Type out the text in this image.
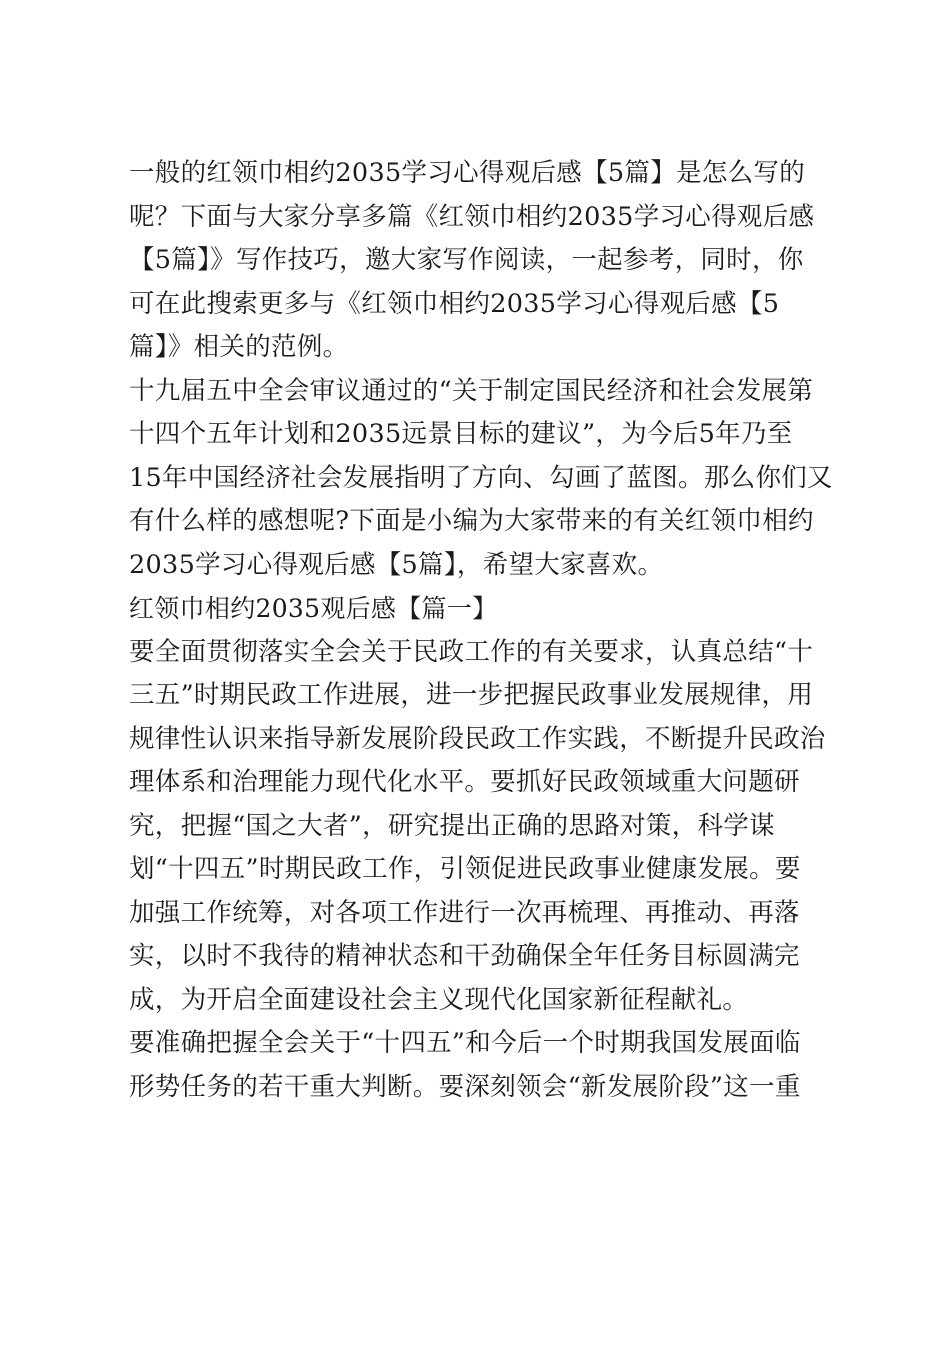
一般的红领巾相约2035学习心得观后感【5篇】是怎么写的
呢？下面与大家分享多篇《红领巾相约2035学习心得观后感
【5篇】》写作技巧，邀大家写作阅读，一起参考，同时，你
可在此搜索更多与《红领巾相约2035学习心得观后感【5
篇】》相关的范例。
十九届五中全会审议通过的“关于制定国民经济和社会发展第
十四个五年计划和2035远景目标的建议”，为今后5年乃至
15年中国经济社会发展指明了方向、勾画了蓝图。那么你们又
有什么样的感想呢?下面是小编为大家带来的有关红领巾相约
2035学习心得观后感【5篇】，希望大家喜欢。
红领巾相约2035观后感【篇一】
要全面贯彻落实全会关于民政工作的有关要求，认真总结“十
三五”时期民政工作进展，进一步把握民政事业发展规律，用
规律性认识来指导新发展阶段民政工作实践，不断提升民政治
理体系和治理能力现代化水平。要抓好民政领域重大问题研
究，把握“国之大者”，研究提出正确的思路对策，科学谋
划“十四五”时期民政工作，引领促进民政事业健康发展。要
加强工作统筹，对各项工作进行一次再梳理、再推动、再落
实，以时不我待的精神状态和干劲确保全年任务目标圆满完
成，为开启全面建设社会主义现代化国家新征程献礼。
要准确把握全会关于“十四五”和今后一个时期我国发展面临
形势任务的若干重大判断。要深刻领会“新发展阶段”这一重
